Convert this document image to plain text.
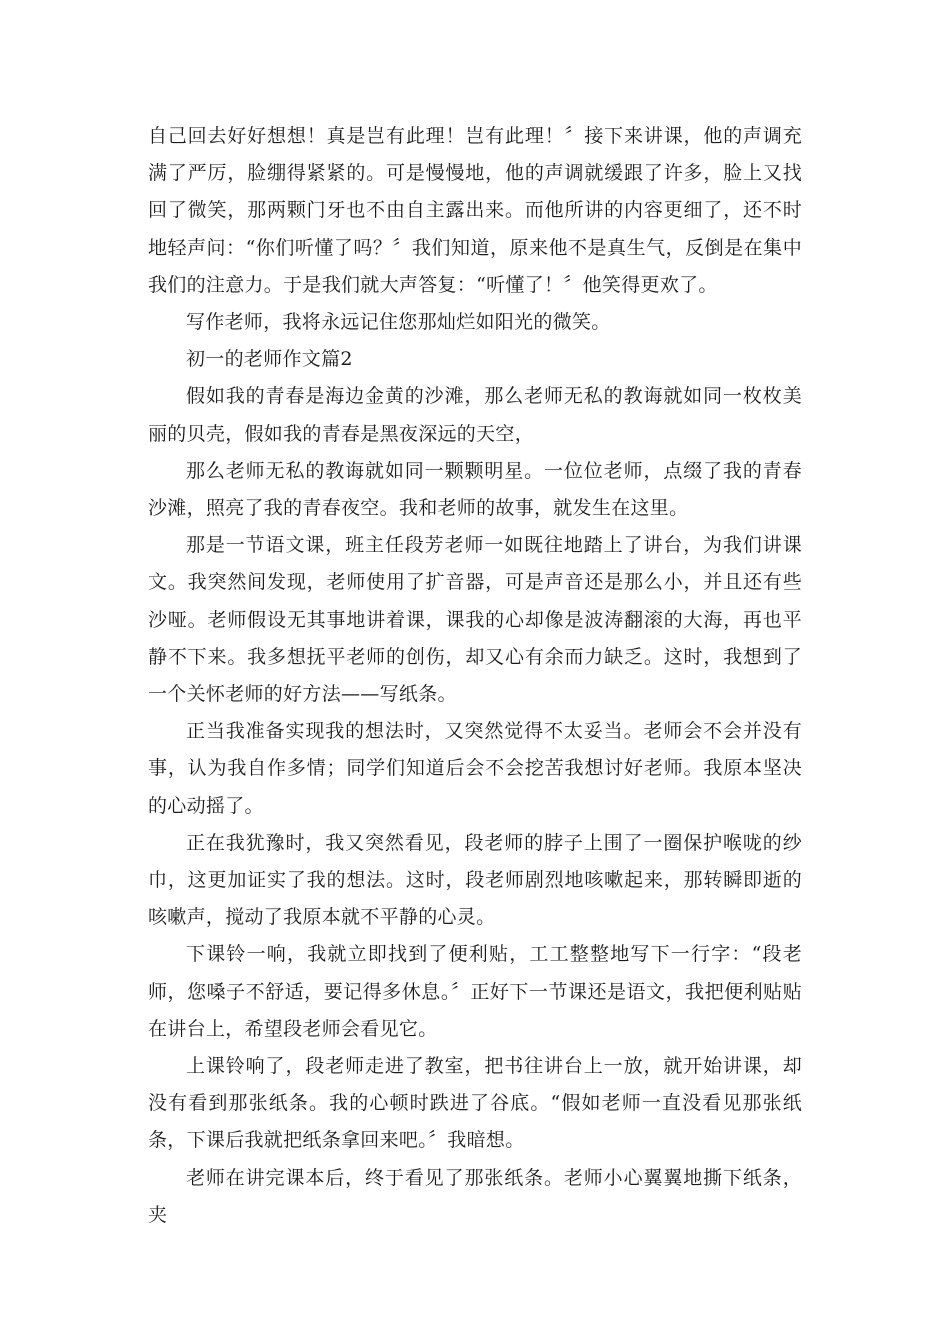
自己回去好好想想！真是岂有此理！岂有此理！〞接下来讲课，他的声调充满了严厉，脸绷得紧紧的。可是慢慢地，他的声调就缓跟了许多，脸上又找回了微笑，那两颗门牙也不由自主露出来。而他所讲的内容更细了，还不时地轻声问：“你们听懂了吗？〞我们知道，原来他不是真生气，反倒是在集中我们的注意力。于是我们就大声答复：“听懂了！〞他笑得更欢了。

写作老师，我将永远记住您那灿烂如阳光的微笑。

初一的老师作文篇2

假如我的青春是海边金黄的沙滩，那么老师无私的教诲就如同一枚枚美丽的贝壳，假如我的青春是黑夜深远的天空，

那么老师无私的教诲就如同一颗颗明星。一位位老师，点缀了我的青春沙滩，照亮了我的青春夜空。我和老师的故事，就发生在这里。

那是一节语文课，班主任段芳老师一如既往地踏上了讲台，为我们讲课文。我突然间发现，老师使用了扩音器，可是声音还是那么小，并且还有些沙哑。老师假设无其事地讲着课，课我的心却像是波涛翻滚的大海，再也平静不下来。我多想抚平老师的创伤，却又心有余而力缺乏。这时，我想到了一个关怀老师的好方法——写纸条。

正当我准备实现我的想法时，又突然觉得不太妥当。老师会不会并没有事，认为我自作多情；同学们知道后会不会挖苦我想讨好老师。我原本坚决的心动摇了。

正在我犹豫时，我又突然看见，段老师的脖子上围了一圈保护喉咙的纱巾，这更加证实了我的想法。这时，段老师剧烈地咳嗽起来，那转瞬即逝的咳嗽声，搅动了我原本就不平静的心灵。

下课铃一响，我就立即找到了便利贴，工工整整地写下一行字：“段老师，您嗓子不舒适，要记得多休息。〞正好下一节课还是语文，我把便利贴贴在讲台上，希望段老师会看见它。

上课铃响了，段老师走进了教室，把书往讲台上一放，就开始讲课，却没有看到那张纸条。我的心顿时跌进了谷底。“假如老师一直没看见那张纸条，下课后我就把纸条拿回来吧。〞我暗想。

老师在讲完课本后，终于看见了那张纸条。老师小心翼翼地撕下纸条，夹
